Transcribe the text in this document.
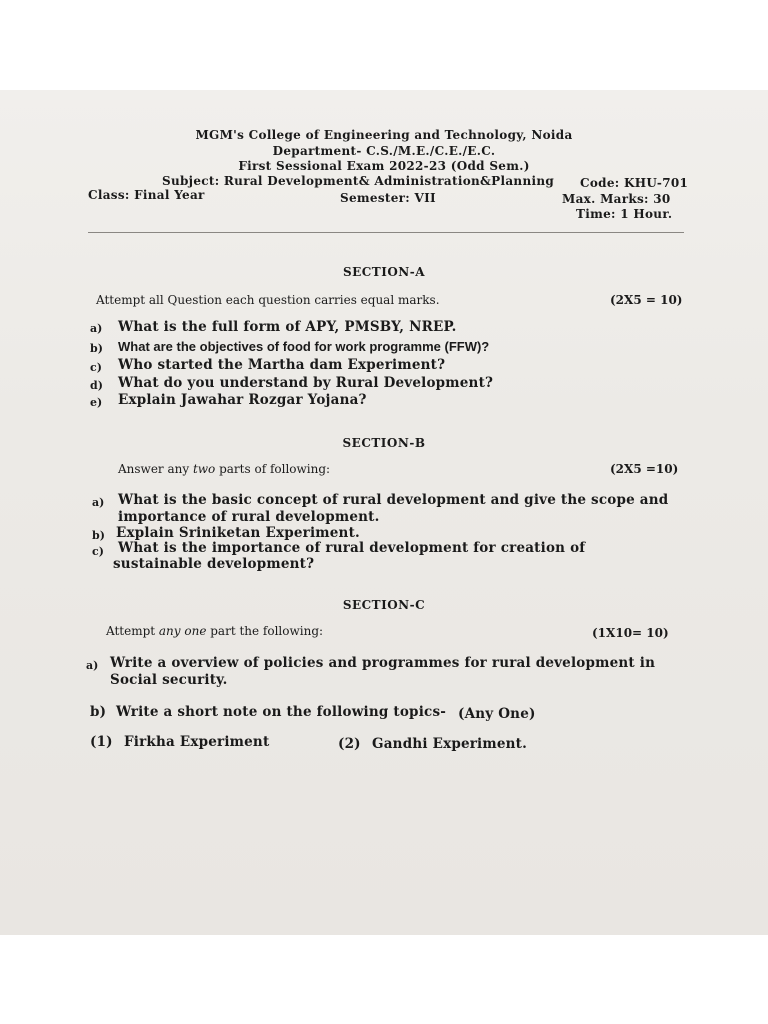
MGM's College of Engineering and Technology, Noida
Department- C.S./M.E./C.E./E.C.
First Sessional Exam 2022-23 (Odd Sem.)
Subject: Rural Development& Administration&Planning
Class: Final Year	Semester: VII
Code: KHU-701
Max. Marks: 30
Time: 1 Hour.
SECTION-A
Attempt all Question each question carries equal marks.	(2X5 = 10)
a) What is the full form of APY, PMSBY, NREP.
b) What are the objectives of food for work programme (FFW)?
c) Who started the Martha dam Experiment?
d) What do you understand by Rural Development?
e) Explain Jawahar Rozgar Yojana?
SECTION-B
Answer any two parts of following:	(2X5 =10)
a) What is the basic concept of rural development and give the scope and
importance of rural development.
b) Explain Sriniketan Experiment.
c) What is the importance of rural development for creation of
sustainable development?
SECTION-C
Attempt any one part the following:	(1X10= 10)
a) Write a overview of policies and programmes for rural development in
Social security.
b) Write a short note on the following topics- (Any One)
(1) Firkha Experiment	(2) Gandhi Experiment.
